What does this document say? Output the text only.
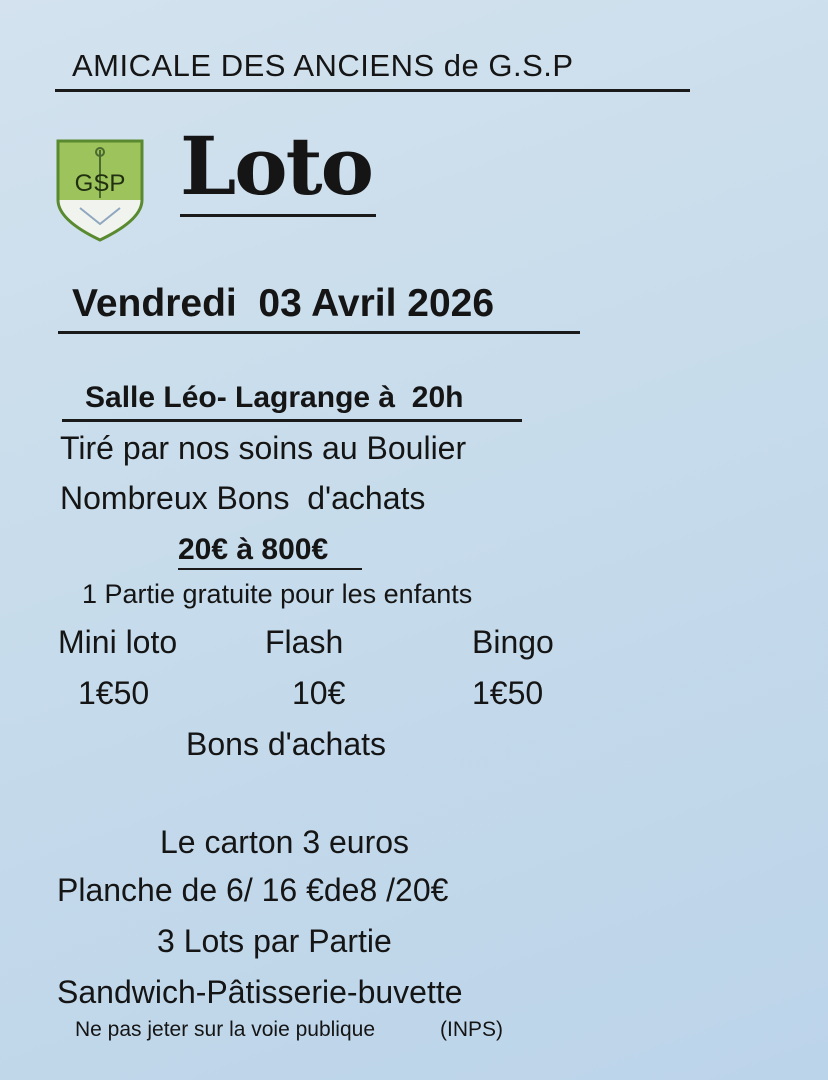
AMICALE DES ANCIENS de G.S.P
GSP Loto
Vendredi  03 Avril 2026
Salle Léo- Lagrange à  20h
Tiré par nos soins au Boulier
Nombreux Bons  d'achats
20€ à 800€
1 Partie gratuite pour les enfants
Mini loto	Flash	Bingo
1€50	10€	1€50
Bons d'achats
Le carton 3 euros
Planche de 6/ 16 €de8 /20€
3 Lots par Partie
Sandwich-Pâtisserie-buvette
Ne pas jeter sur la voie publique	(INPS)
